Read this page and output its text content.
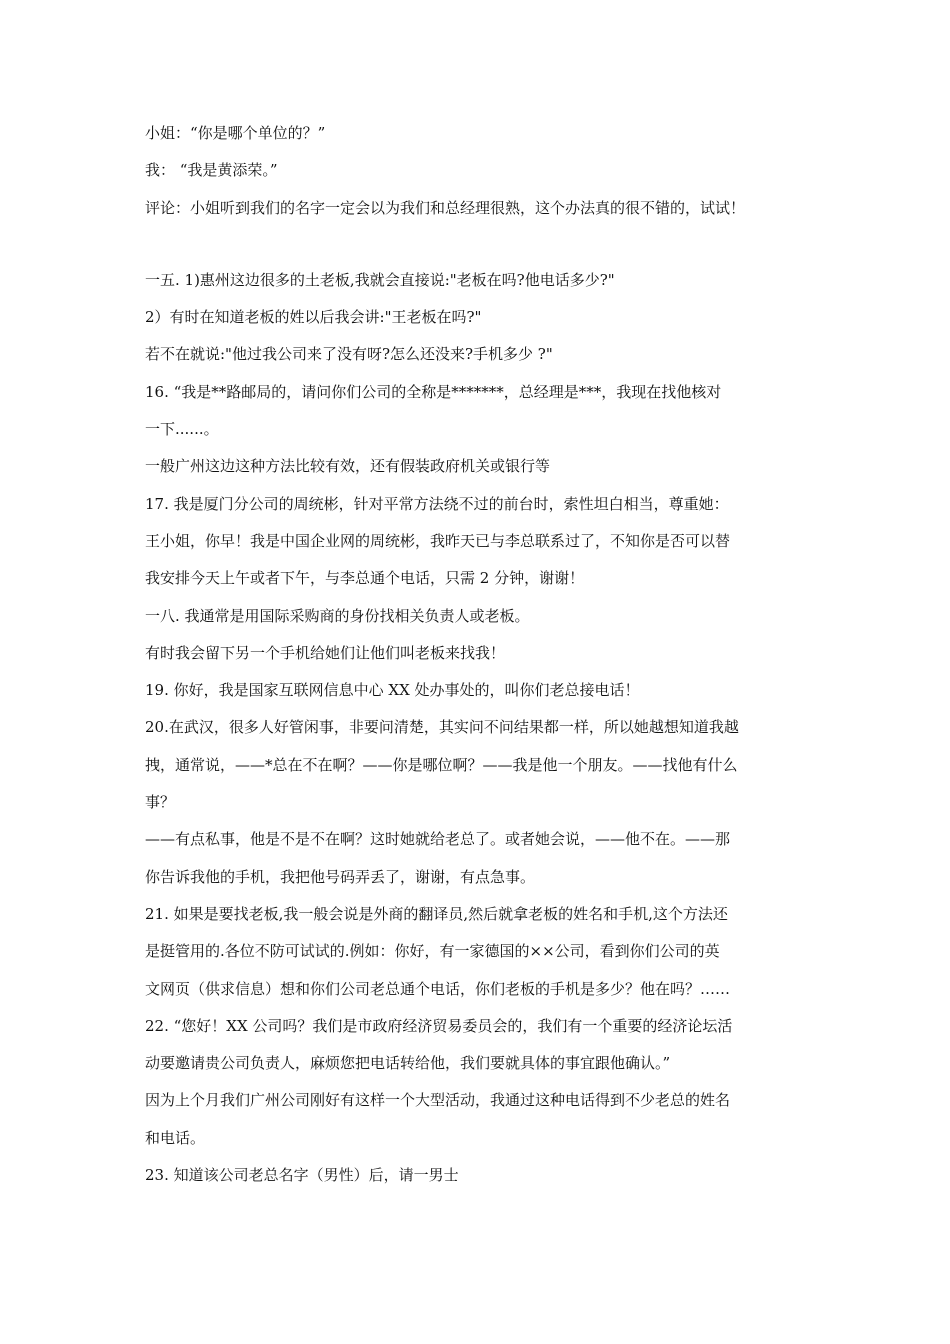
小姐：“你是哪个单位的？”
我： “我是黄添荣。”
评论：小姐听到我们的名字一定会以为我们和总经理很熟，这个办法真的很不错的，试试！
一五. 1)惠州这边很多的土老板,我就会直接说:"老板在吗?他电话多少?"
2）有时在知道老板的姓以后我会讲:"王老板在吗?"
若不在就说:"他过我公司来了没有呀?怎么还没来?手机多少 ?"
16. “我是**路邮局的，请问你们公司的全称是*******，总经理是***，我现在找他核对
一下......。
一般广州这边这种方法比较有效，还有假装政府机关或银行等
17. 我是厦门分公司的周统彬，针对平常方法绕不过的前台时，索性坦白相当，尊重她：
王小姐，你早！我是中国企业网的周统彬，我昨天已与李总联系过了，不知你是否可以替
我安排今天上午或者下午，与李总通个电话，只需 2 分钟，谢谢！
一八. 我通常是用国际采购商的身份找相关负责人或老板。
有时我会留下另一个手机给她们让他们叫老板来找我！
19. 你好，我是国家互联网信息中心 XX 处办事处的，叫你们老总接电话！
20.在武汉，很多人好管闲事，非要问清楚，其实问不问结果都一样，所以她越想知道我越
拽，通常说，——*总在不在啊？——你是哪位啊？——我是他一个朋友。——找他有什么
事？
——有点私事，他是不是不在啊？这时她就给老总了。或者她会说，——他不在。——那
你告诉我他的手机，我把他号码弄丢了，谢谢，有点急事。
21. 如果是要找老板,我一般会说是外商的翻译员,然后就拿老板的姓名和手机,这个方法还
是挺管用的.各位不防可试试的.例如：你好，有一家德国的××公司，看到你们公司的英
文网页（供求信息）想和你们公司老总通个电话，你们老板的手机是多少？他在吗？……
22. “您好！XX 公司吗？我们是市政府经济贸易委员会的，我们有一个重要的经济论坛活
动要邀请贵公司负责人，麻烦您把电话转给他，我们要就具体的事宜跟他确认。”
因为上个月我们广州公司刚好有这样一个大型活动，我通过这种电话得到不少老总的姓名
和电话。
23. 知道该公司老总名字（男性）后，请一男士
